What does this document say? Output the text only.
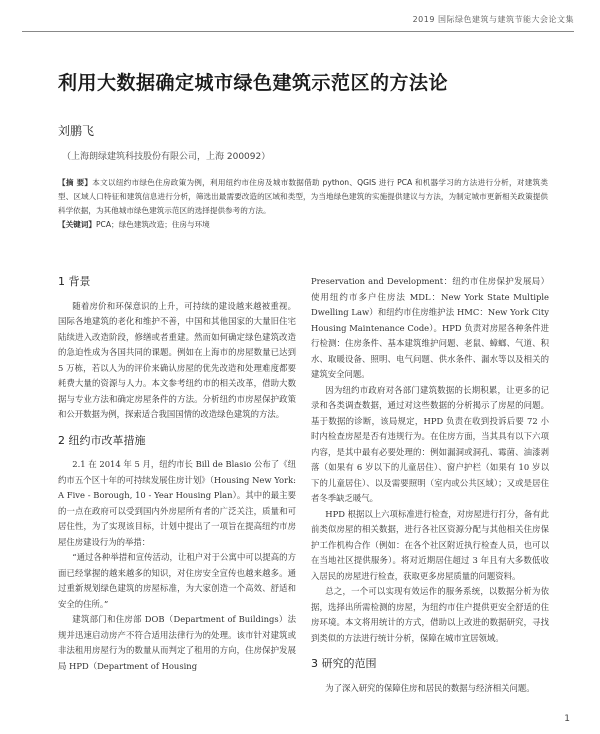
2019 国际绿色建筑与建筑节能大会论文集
利用大数据确定城市绿色建筑示范区的方法论
刘鹏飞
（上海朗绿建筑科技股份有限公司，上海 200092）
【摘 要】本文以纽约市绿色住房政策为例，利用纽约市住房及城市数据借助 python、QGIS 进行 PCA 和机器学习的方法进行分析，对建筑类型、区域人口特征和建筑信息进行分析，筛选出最需要改造的区域和类型，为当地绿色建筑的实施提供建议与方法，为制定城市更新相关政策提供科学依据，为其他城市绿色建筑示范区的选择提供参考的方法。
【关键词】PCA；绿色建筑改造；住房与环境
1 背景

随着房价和环保意识的上升，可持续的建设越来越被重视。国际各地建筑的老化和维护不善，中国和其他国家的大量旧住宅陆续进入改造阶段，修缮或者重建。然而如何确定绿色建筑改造的急迫性成为各国共同的课题。例如在上海市的房屋数量已达到 5 万栋，若以人为的评价来确认房屋的优先改造和处理难度都要耗费大量的资源与人力。本文参考纽约市的相关改革，借助大数据与专业方法和确定房屋条件的方法。分析纽约市房屋保护政策和公开数据为例，探索适合我国国情的改造绿色建筑的方法。

2 纽约市改革措施

2.1 在 2014 年 5 月，纽约市长 Bill de Blasio 公布了《纽约市五个区十年的可持续发展住房计划》（Housing New York: A Five - Borough, 10 - Year Housing Plan）。其中的最主要的一点在政府可以受到国内外房屋所有者的广泛关注，质量和可居住性，为了实现该目标，计划中提出了一项旨在提高纽约市房屋住房建设行为的举措：

“通过各种举措和宣传活动，让租户对于公寓中可以提高的方面已经掌握的越来越多的知识，对住房安全宣传也越来越多。通过重新规划绿色建筑的房屋标准，为大家创造一个高效、舒适和安全的住所。”

建筑部门和住房部 DOB（Department of Buildings）法规并迅速启动房产不符合适用法律行为的处理。该市针对建筑或非法租用房屋行为的数量从而判定了租用的方向，住房保护发展局 HPD（Department of Housing

Preservation and Development：纽约市住房保护发展局）使用纽约市多户住房法 MDL：New York State Multiple Dwelling Law）和纽约市住房维护法 HMC：New York City Housing Maintenance Code）。HPD 负责对房屋各种条件进行检测：住房条件、基本建筑维护问题、老鼠、蟑螂、气道、积水、取暖设备、照明、电气问题、供水条件、漏水等以及相关的建筑安全问题。

因为纽约市政府对各部门建筑数据的长期积累，让更多的记录和各类调查数据，通过对这些数据的分析揭示了房屋的问题。基于数据的诊断，该局规定，HPD 负责在收到投诉后要 72 小时内检查房屋是否有违规行为。在住房方面，当其具有以下六项内容，是其中最有必要处理的：例如漏洞或洞孔、霉菌、油漆剥落（如果有 6 岁以下的儿童居住）、窗户护栏（如果有 10 岁以下的儿童居住）、以及需要照明（室内或公共区域）；又或是居住者冬季缺乏暖气。

HPD 根据以上六项标准进行检查，对房屋进行打分，备有此前类似房屋的相关数据，进行各社区资源分配与其他相关住房保护工作机构合作（例如：在各个社区附近执行检查人员，也可以在当地社区提供服务）。将对近期居住超过 3 年且有大多数低收入居民的房屋进行检查，获取更多房屋质量的问题资料。

总之，一个可以实现有效运作的服务系统，以数据分析为依据，选择出所需检测的房屋，为纽约市住户提供更安全舒适的住房环境。本文将用统计的方式，借助以上改进的数据研究，寻找到类似的方法进行统计分析，保障在城市宜居领域。

3 研究的范围

为了深入研究的保障住房和居民的数据与经济相关问题。

1
